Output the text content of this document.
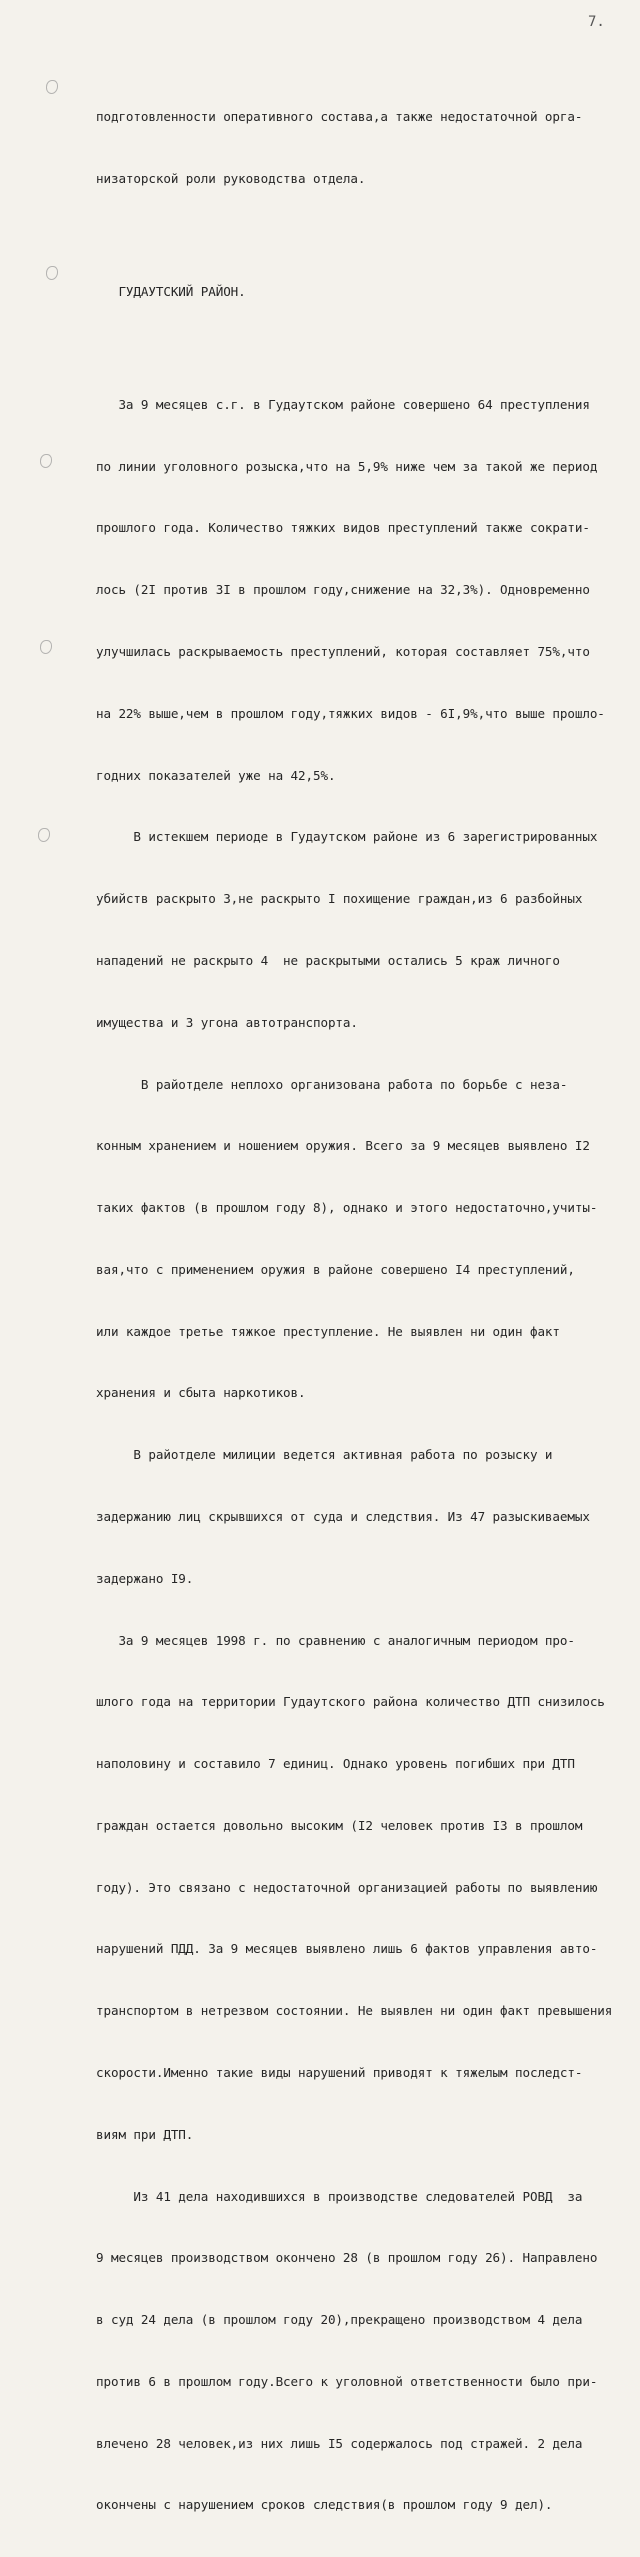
7.

подготовленности оперативного состава,а также недостаточной орга-

низаторской роли руководства отдела.

ГУДАУТСКИЙ РАЙОН.

За 9 месяцев с.г. в Гудаутском районе совершено 64 преступления

по линии уголовного розыска,что на 5,9% ниже чем за такой же период

прошлого года. Количество тяжких видов преступлений также сократи-

лось (2I против 3I в прошлом году,снижение на 32,3%). Одновременно

улучшилась раскрываемость преступлений, которая составляет 75%,что

на 22% выше,чем в прошлом году,тяжких видов - 6I,9%,что выше прошло-

годних показателей уже на 42,5%.

В истекшем периоде в Гудаутском районе из 6 зарегистрированных

убийств раскрыто 3,не раскрыто I похищение граждан,из 6 разбойных

нападений не раскрыто 4  не раскрытыми остались 5 краж личного

имущества и 3 угона автотранспорта.

В райотделе неплохо организована работа по борьбе с неза-

конным хранением и ношением оружия. Всего за 9 месяцев выявлено I2

таких фактов (в прошлом году 8), однако и этого недостаточно,учиты-

вая,что с применением оружия в районе совершено I4 преступлений,

или каждое третье тяжкое преступление. Не выявлен ни один факт

хранения и сбыта наркотиков.

В райотделе милиции ведется активная работа по розыску и

задержанию лиц скрывшихся от суда и следствия. Из 47 разыскиваемых

задержано I9.

За 9 месяцев 1998 г. по сравнению с аналогичным периодом про-

шлого года на территории Гудаутского района количество ДТП снизилось

наполовину и составило 7 единиц. Однако уровень погибших при ДТП

граждан остается довольно высоким (I2 человек против I3 в прошлом

году). Это связано с недостаточной организацией работы по выявлению

нарушений ПДД. За 9 месяцев выявлено лишь 6 фактов управления авто-

транспортом в нетрезвом состоянии. Не выявлен ни один факт превышения

скорости.Именно такие виды нарушений приводят к тяжелым последст-

виям при ДТП.

Из 41 дела находившихся в производстве следователей РОВД  за

9 месяцев производством окончено 28 (в прошлом году 26). Направлено

в суд 24 дела (в прошлом году 20),прекращено производством 4 дела

против 6 в прошлом году.Всего к уголовной ответственности было при-

влечено 28 человек,из них лишь I5 содержалось под стражей. 2 дела

окончены с нарушением сроков следствия(в прошлом году 9 дел).
